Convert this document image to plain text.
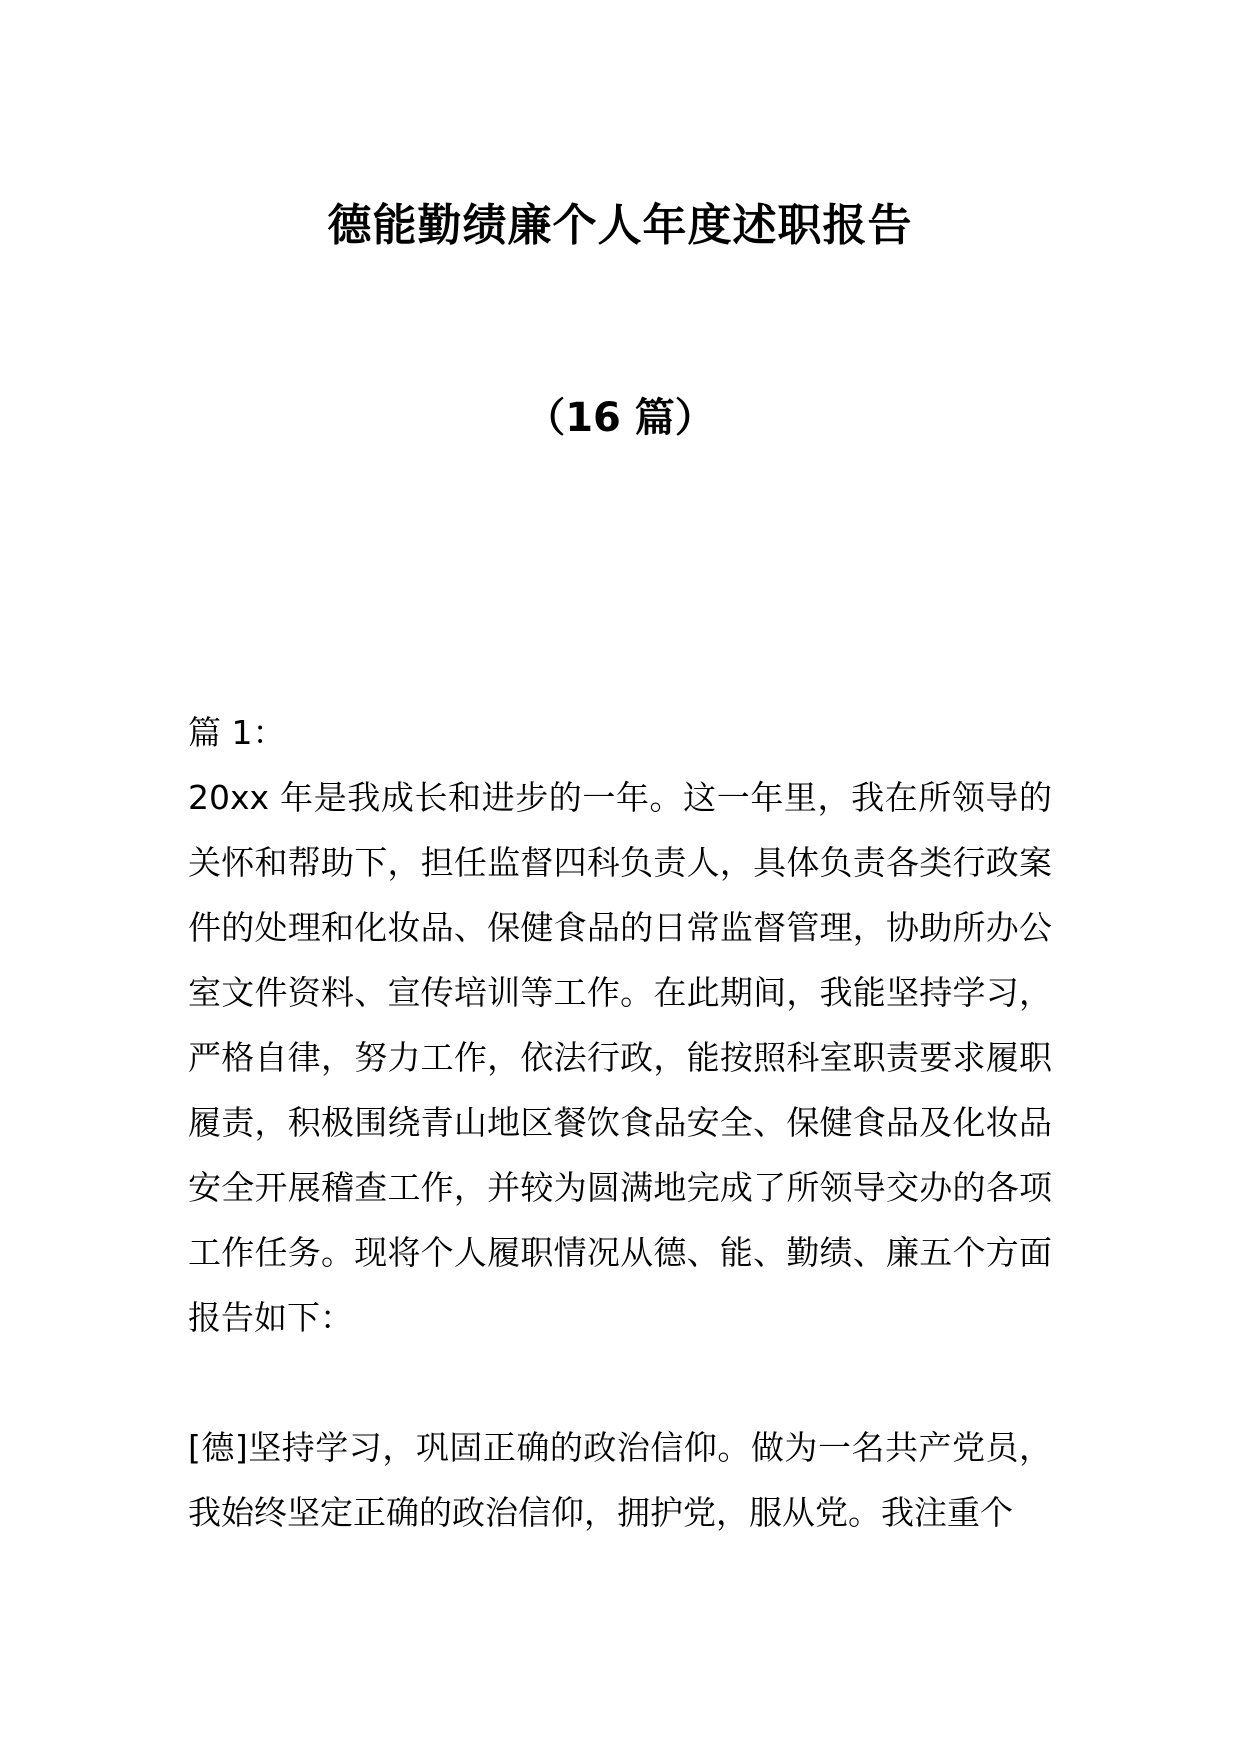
德能勤绩廉个人年度述职报告
（16 篇）
篇 1：
20xx 年是我成长和进步的一年。这一年里，我在所领导的关怀和帮助下，担任监督四科负责人，具体负责各类行政案件的处理和化妆品、保健食品的日常监督管理，协助所办公室文件资料、宣传培训等工作。在此期间，我能坚持学习，严格自律，努力工作，依法行政，能按照科室职责要求履职履责，积极围绕青山地区餐饮食品安全、保健食品及化妆品安全开展稽查工作，并较为圆满地完成了所领导交办的各项工作任务。现将个人履职情况从德、能、勤绩、廉五个方面报告如下：
[德]坚持学习，巩固正确的政治信仰。做为一名共产党员，我始终坚定正确的政治信仰，拥护党，服从党。我注重个
